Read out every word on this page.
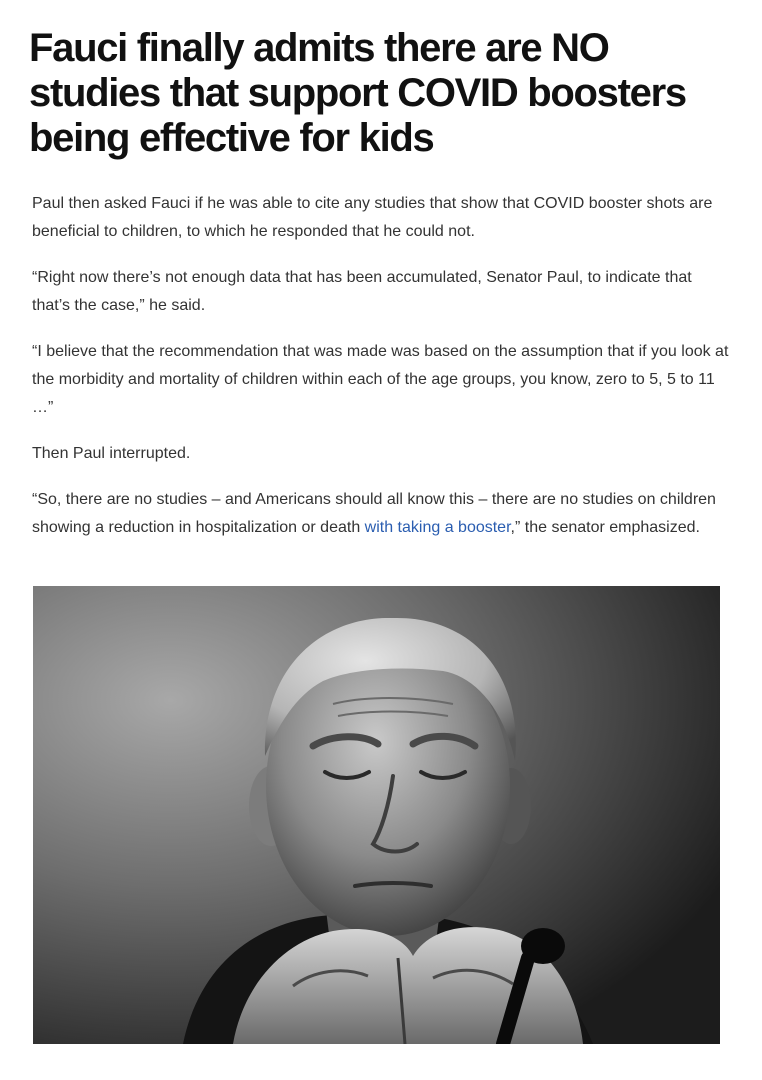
Fauci finally admits there are NO studies that support COVID boosters being effective for kids

Paul then asked Fauci if he was able to cite any studies that show that COVID booster shots are beneficial to children, to which he responded that he could not.

“Right now there’s not enough data that has been accumulated, Senator Paul, to indicate that that’s the case,” he said.

“I believe that the recommendation that was made was based on the assumption that if you look at the morbidity and mortality of children within each of the age groups, you know, zero to 5, 5 to 11 …”

Then Paul interrupted.

“So, there are no studies – and Americans should all know this – there are no studies on children showing a reduction in hospitalization or death with taking a booster,” the senator emphasized.
